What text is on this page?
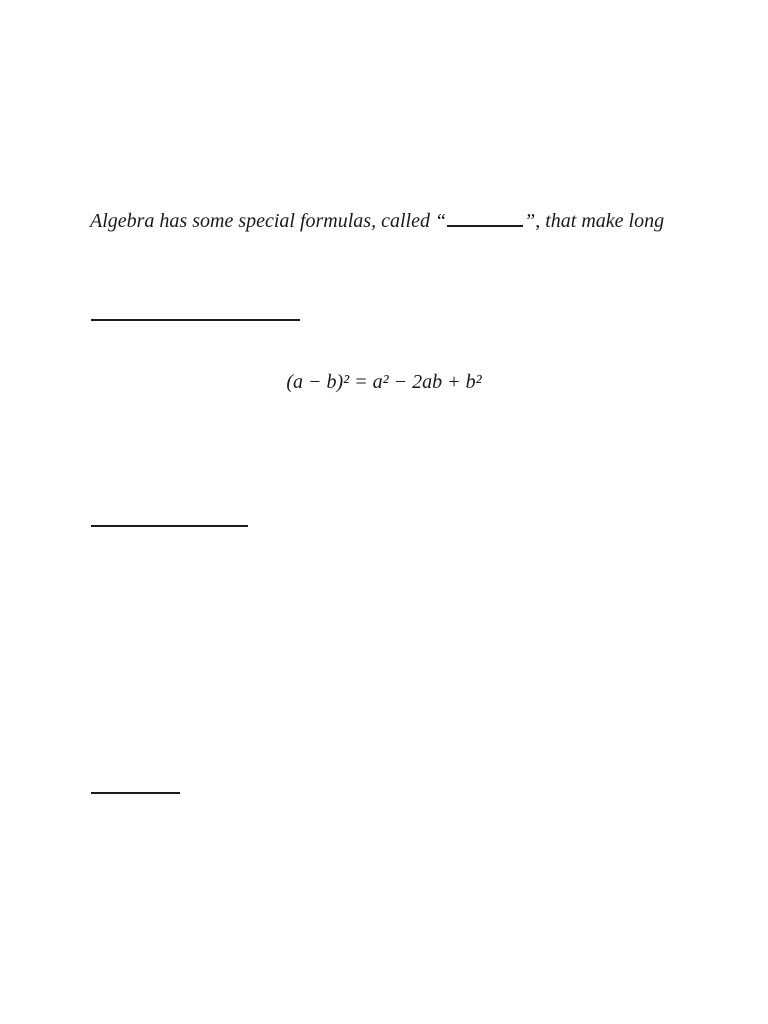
Algebra has some special formulas, called “	”, that make long
(a − b)² = a² − 2ab + b²
